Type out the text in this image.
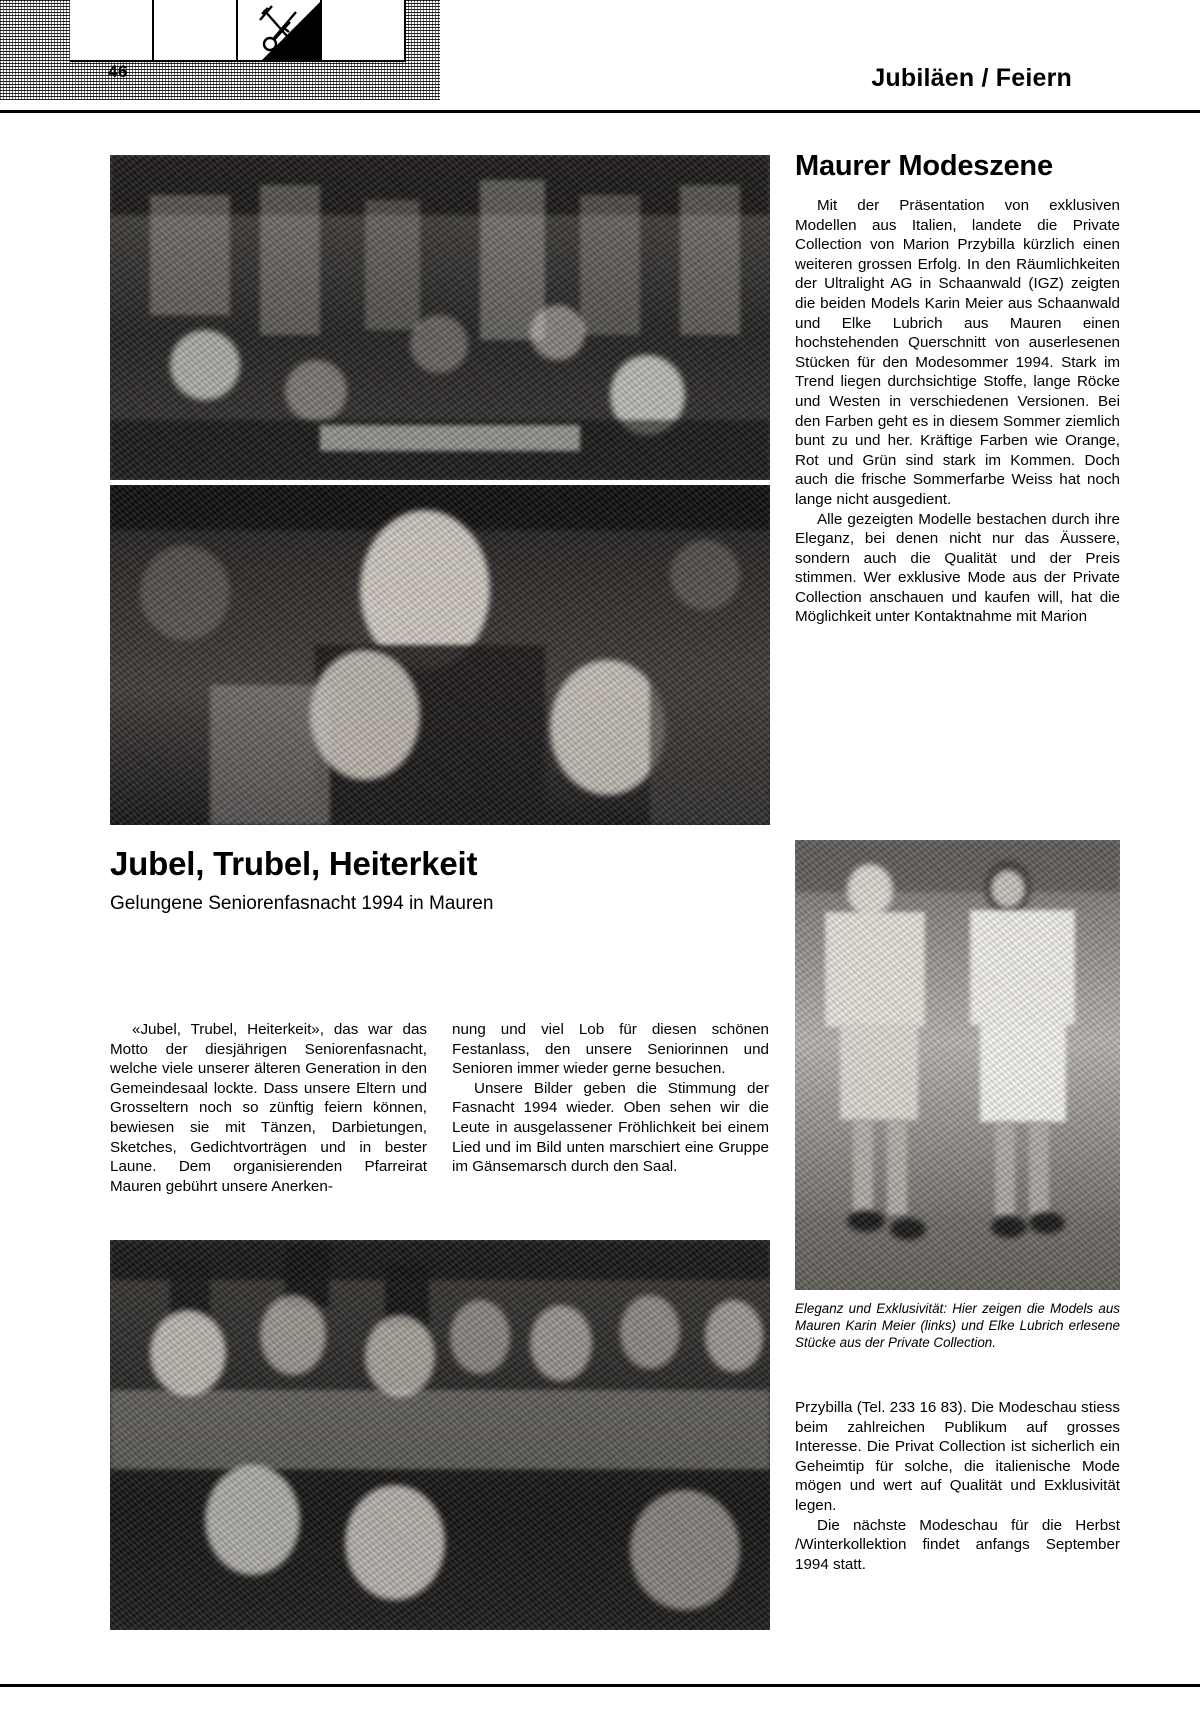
46	Jubiläen / Feiern
Jubel, Trubel, Heiterkeit
Gelungene Seniorenfasnacht 1994 in Mauren

«Jubel, Trubel, Heiterkeit», das war das Motto der diesjährigen Seniorenfasnacht, welche viele unserer älteren Generation in den Gemeindesaal lockte. Dass unsere Eltern und Grosseltern noch so zünftig feiern können, bewiesen sie mit Tänzen, Darbietungen, Sketches, Gedichtvorträgen und in bester Laune. Dem organisierenden Pfarreirat Mauren gebührt unsere Anerken-

nung und viel Lob für diesen schönen Festanlass, den unsere Seniorinnen und Senioren immer wieder gerne besuchen.

Unsere Bilder geben die Stimmung der Fasnacht 1994 wieder. Oben sehen wir die Leute in ausgelassener Fröhlichkeit bei einem Lied und im Bild unten marschiert eine Gruppe im Gänsemarsch durch den Saal.

Maurer Modeszene

Mit der Präsentation von exklusiven Modellen aus Italien, landete die Private Collection von Marion Przybilla kürzlich einen weiteren grossen Erfolg. In den Räumlichkeiten der Ultralight AG in Schaanwald (IGZ) zeigten die beiden Models Karin Meier aus Schaanwald und Elke Lubrich aus Mauren einen hochstehenden Querschnitt von auserlesenen Stücken für den Modesommer 1994. Stark im Trend liegen durchsichtige Stoffe, lange Röcke und Westen in verschiedenen Versionen. Bei den Farben geht es in diesem Sommer ziemlich bunt zu und her. Kräftige Farben wie Orange, Rot und Grün sind stark im Kommen. Doch auch die frische Sommerfarbe Weiss hat noch lange nicht ausgedient.

Alle gezeigten Modelle bestachen durch ihre Eleganz, bei denen nicht nur das Äussere, sondern auch die Qualität und der Preis stimmen. Wer exklusive Mode aus der Private Collection anschauen und kaufen will, hat die Möglichkeit unter Kontaktnahme mit Marion

Eleganz und Exklusivität: Hier zeigen die Models aus Mauren Karin Meier (links) und Elke Lubrich erlesene Stücke aus der Private Collection.

Przybilla (Tel. 233 16 83). Die Modeschau stiess beim zahlreichen Publikum auf grosses Interesse. Die Privat Collection ist sicherlich ein Geheimtip für solche, die italienische Mode mögen und wert auf Qualität und Exklusivität legen.

Die nächste Modeschau für die Herbst /Winterkollektion findet anfangs September 1994 statt.
